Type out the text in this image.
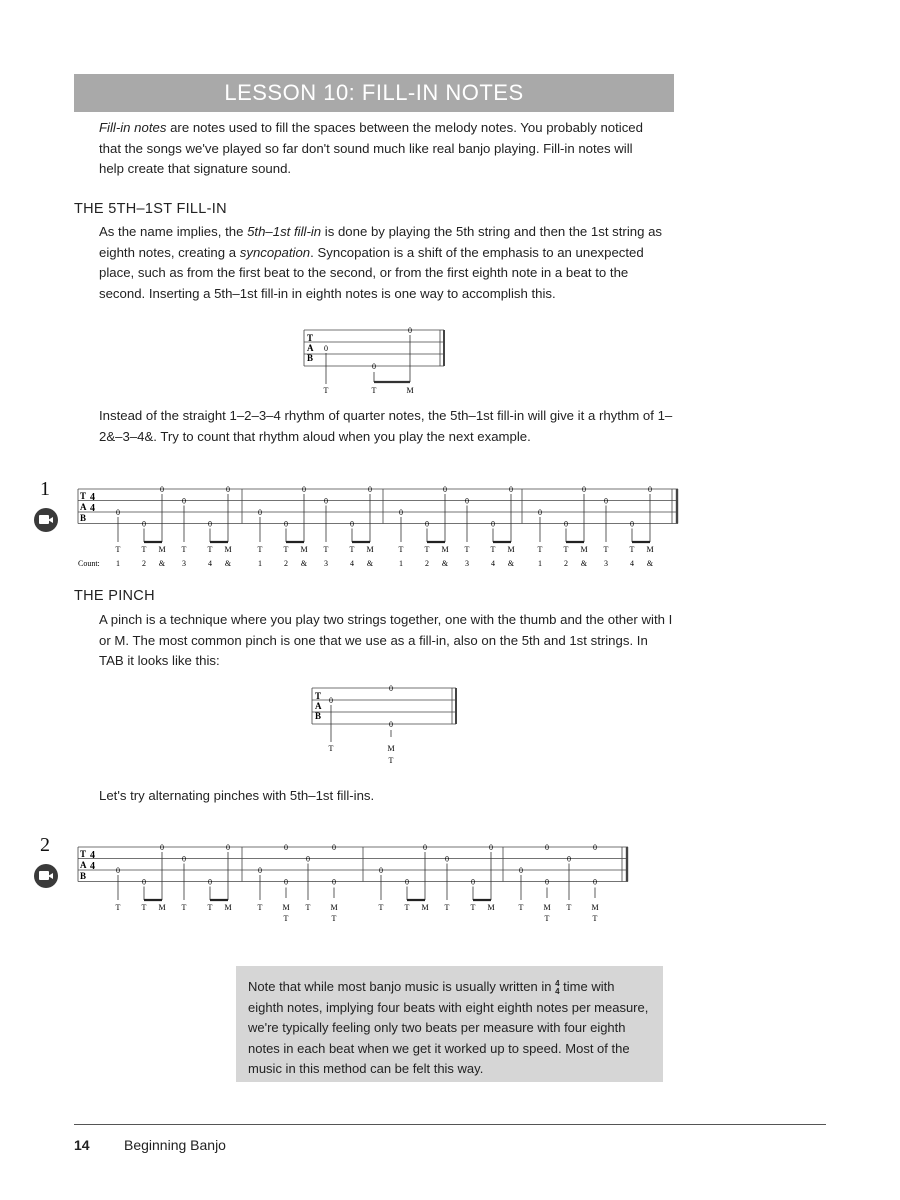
LESSON 10: FILL-IN NOTES
Fill-in notes are notes used to fill the spaces between the melody notes. You probably noticed that the songs we've played so far don't sound much like real banjo playing. Fill-in notes will help create that signature sound.
THE 5TH–1ST FILL-IN
As the name implies, the 5th–1st fill-in is done by playing the 5th string and then the 1st string as eighth notes, creating a syncopation. Syncopation is a shift of the emphasis to an unexpected place, such as from the first beat to the second, or from the first eighth note in a beat to the second. Inserting a 5th–1st fill-in in eighth notes is one way to accomplish this.
T
A
B
0
0
0
T	T	M
Instead of the straight 1–2–3–4 rhythm of quarter notes, the 5th–1st fill-in will give it a rhythm of 1–2&–3–4&. Try to count that rhythm aloud when you play the next example.
1	T
A
B
4
4
Count:
0
T
1
0
T
2
0
M
&
0
T
3
0
T
4
0
M
&
0
T
1
0
T
2
0
M
&
0
T
3
0
T
4
0
M
&
0
T
1
0
T
2
0
M
&
0
T
3
0
T
4
0
M
&
0
T
1
0
T
2
0
M
&
0
T
3
0
T
4
0
M
&
THE PINCH
A pinch is a technique where you play two strings together, one with the thumb and the other with I or M. The most common pinch is one that we use as a fill-in, also on the 5th and 1st strings. In TAB it looks like this:
T
A
B
0
0
0
T	M
T
Let's try alternating pinches with 5th–1st fill-ins.
2	T
A
B
4
4	0
T
0
T
0
M
0
T
0
T
0
M
0
T
0
0
M
T
0
T
0
0
M
T
0
T
0
T
0
M
0
T
0
T
0
M
0
T
0
0
M
T
0
T
0
0
M
T
Note that while most banjo music is usually written in 4
4 time with eighth notes, implying four beats with eight eighth notes per measure, we're typically feeling only two beats per measure with four eighth notes in each beat when we get it worked up to speed. Most of the music in this method can be felt this way.
14 Beginning Banjo
